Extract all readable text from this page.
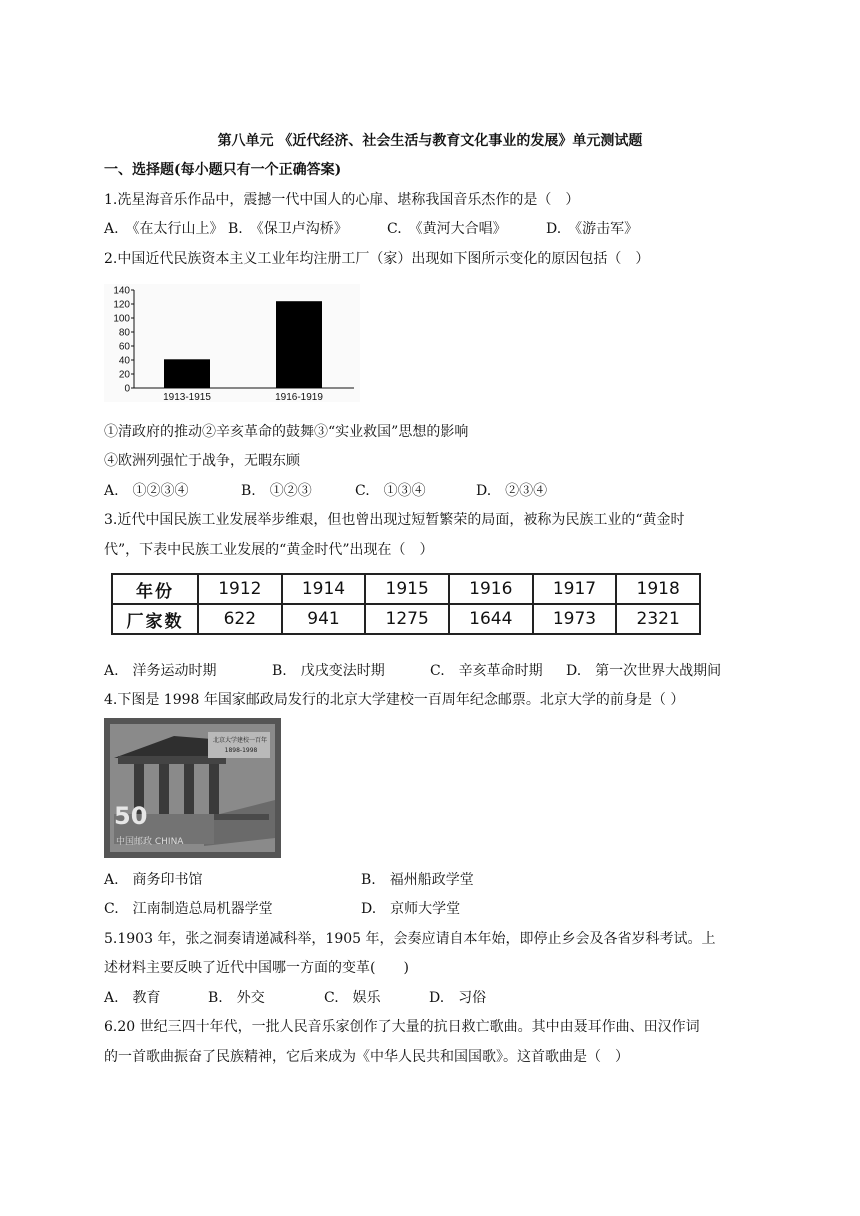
第八单元 《近代经济、社会生活与教育文化事业的发展》单元测试题
一、选择题(每小题只有一个正确答案)
1.冼星海音乐作品中，震撼一代中国人的心扉、堪称我国音乐杰作的是（　）
A.　《在太行山上》 B.　《保卫卢沟桥》	C.　《黄河大合唱》	D.　《游击军》
2.中国近代民族资本主义工业年均注册工厂（家）出现如下图所示变化的原因包括（　）
0
20
40
60
80
100
120
140
1913-1915	1916-1919
①清政府的推动②辛亥革命的鼓舞③“实业救国”思想的影响
④欧洲列强忙于战争，无暇东顾
A.　①②③④	B.　①②③	C.　①③④	D.　②③④
3.近代中国民族工业发展举步维艰，但也曾出现过短暂繁荣的局面，被称为民族工业的“黄金时
代”，下表中民族工业发展的“黄金时代”出现在（　）
年份	1912	1914	1915	1916	1917	1918
厂家数	622	941	1275	1644	1973	2321
A.　洋务运动时期	B.　戊戌变法时期	C.　辛亥革命时期 D.　第一次世界大战期间
4.下图是 1998 年国家邮政局发行的北京大学建校一百周年纪念邮票。北京大学的前身是（ ）
北京大学建校一百年
1898-1998
50
中国邮政 CHINA
A.　商务印书馆	B.　福州船政学堂
C.　江南制造总局机器学堂	D.　京师大学堂
5.1903 年，张之洞奏请递减科举，1905 年，会奏应请自本年始，即停止乡会及各省岁科考试。上
述材料主要反映了近代中国哪一方面的变革(　　)
A.　教育	B.　外交	C.　娱乐	D.　习俗
6.20 世纪三四十年代，一批人民音乐家创作了大量的抗日救亡歌曲。其中由聂耳作曲、田汉作词
的一首歌曲振奋了民族精神，它后来成为《中华人民共和国国歌》。这首歌曲是（　）
